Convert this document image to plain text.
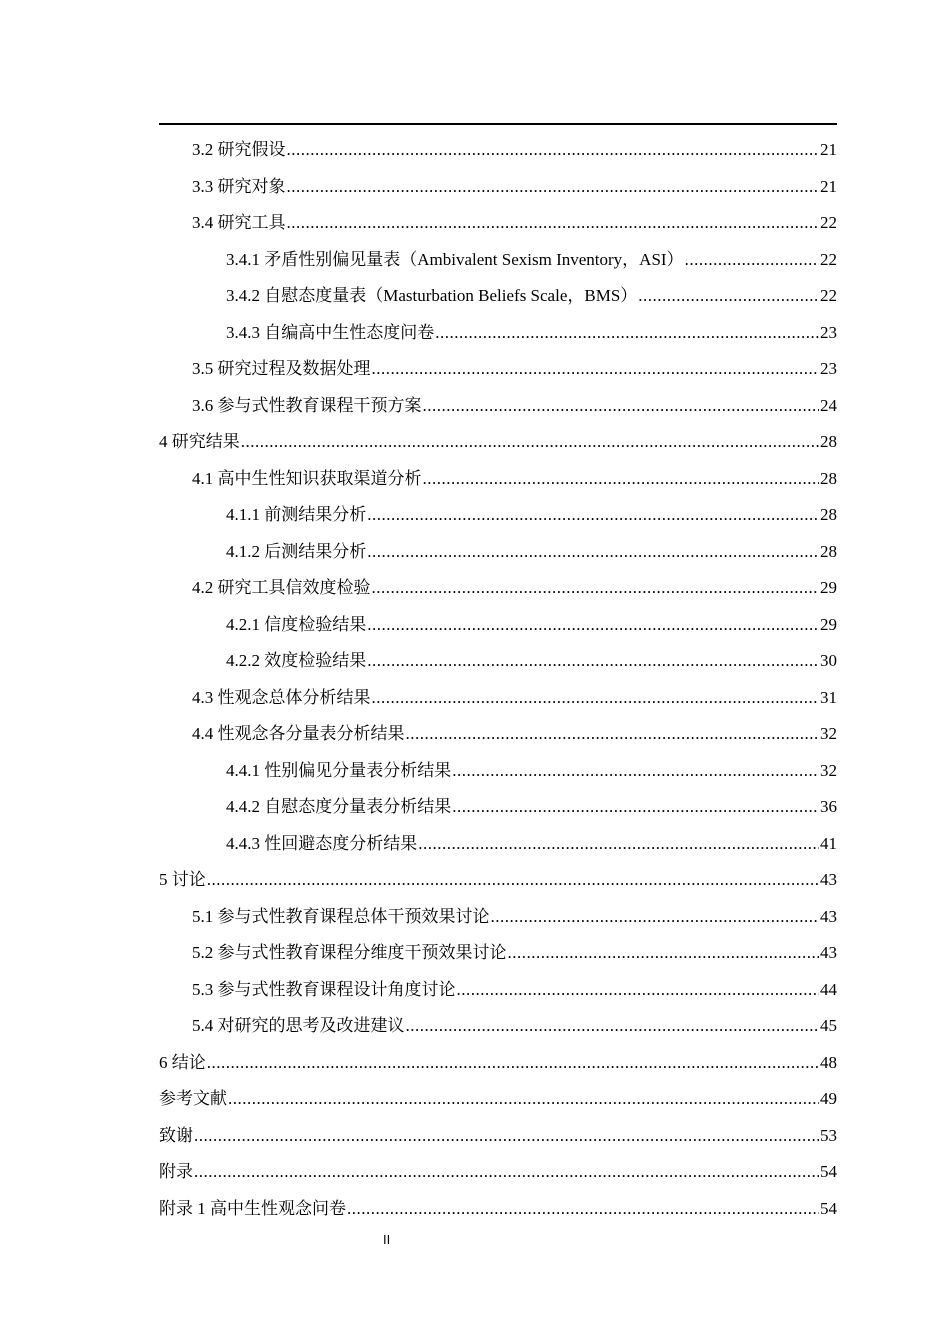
3.2 研究假设 .....	21
3.3 研究对象 .....	21
3.4 研究工具 .....	22
3.4.1 矛盾性别偏见量表（Ambivalent Sexism Inventory，ASI） .....	22
3.4.2 自慰态度量表（Masturbation Beliefs Scale，BMS） .....	22
3.4.3 自编高中生性态度问卷 .....	23
3.5 研究过程及数据处理 .....	23
3.6 参与式性教育课程干预方案 .....	24
4 研究结果 .....	28
4.1 高中生性知识获取渠道分析 .....	28
4.1.1 前测结果分析 .....	28
4.1.2 后测结果分析 .....	28
4.2 研究工具信效度检验 .....	29
4.2.1 信度检验结果 .....	29
4.2.2 效度检验结果 .....	30
4.3 性观念总体分析结果 .....	31
4.4 性观念各分量表分析结果 .....	32
4.4.1 性别偏见分量表分析结果 .....	32
4.4.2 自慰态度分量表分析结果 .....	36
4.4.3 性回避态度分析结果 .....	41
5 讨论 .....	43
5.1 参与式性教育课程总体干预效果讨论 .....	43
5.2 参与式性教育课程分维度干预效果讨论 .....	43
5.3 参与式性教育课程设计角度讨论 .....	44
5.4 对研究的思考及改进建议 .....	45
6 结论 .....	48
参考文献 .....	49
致谢 .....	53
附录 .....	54
附录 1 高中生性观念问卷 .....	54
II
